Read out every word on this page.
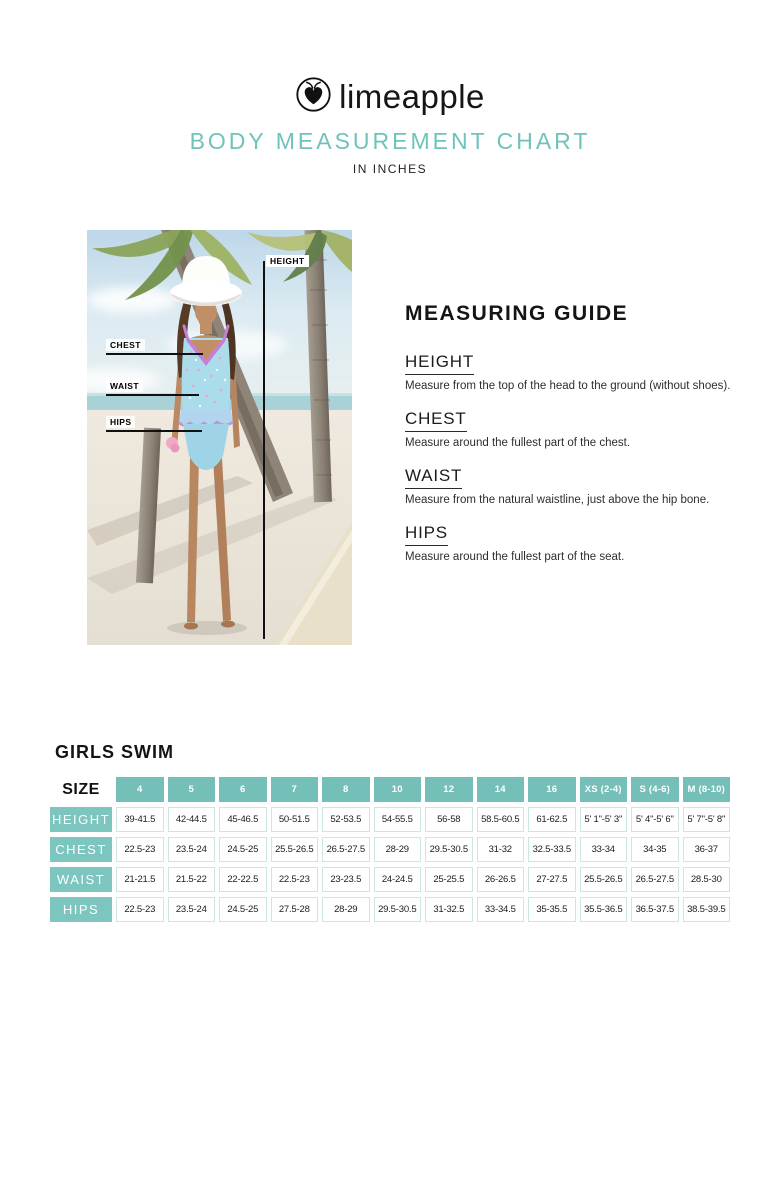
limeapple
BODY MEASUREMENT CHART
IN INCHES
HEIGHT
CHEST
WAIST
HIPS
MEASURING GUIDE
HEIGHT
Measure from the top of the head to the ground (without shoes).
CHEST
Measure around the fullest part of the chest.
WAIST
Measure from the natural waistline, just above the hip bone.
HIPS
Measure around the fullest part of the seat.
GIRLS SWIM
SIZE	4	5	6	7	8	10	12	14	16	XS (2-4)	S (4-6)	M (8-10)
HEIGHT	39-41.5	42-44.5	45-46.5	50-51.5	52-53.5	54-55.5	56-58	58.5-60.5	61-62.5	5' 1"-5' 3"	5' 4"-5' 6"	5' 7"-5' 8"
CHEST	22.5-23	23.5-24	24.5-25	25.5-26.5	26.5-27.5	28-29	29.5-30.5	31-32	32.5-33.5	33-34	34-35	36-37
WAIST	21-21.5	21.5-22	22-22.5	22.5-23	23-23.5	24-24.5	25-25.5	26-26.5	27-27.5	25.5-26.5	26.5-27.5	28.5-30
HIPS	22.5-23	23.5-24	24.5-25	27.5-28	28-29	29.5-30.5	31-32.5	33-34.5	35-35.5	35.5-36.5	36.5-37.5	38.5-39.5
